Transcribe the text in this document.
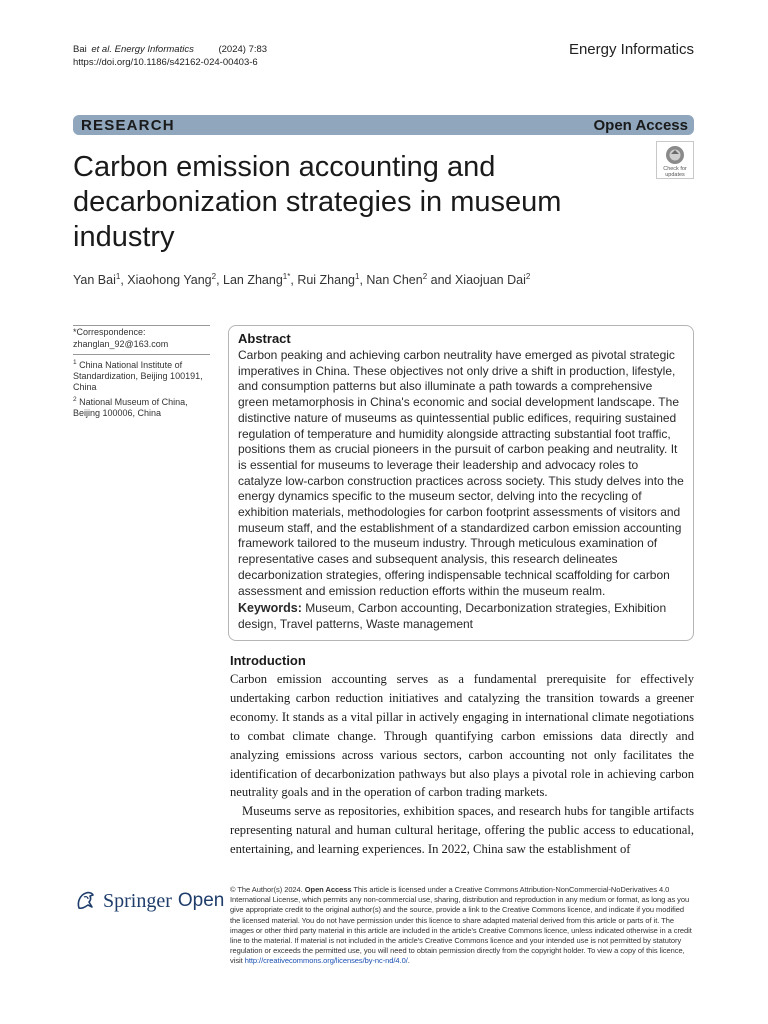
Bai et al. Energy Informatics	(2024) 7:83
https://doi.org/10.1186/s42162-024-00403-6
Energy Informatics
RESEARCH	Open Access
Carbon emission accounting and decarbonization strategies in museum industry
Check for
updates
Yan Bai$^1$, Xiaohong Yang$^2$, Lan Zhang$^{1*}$, Rui Zhang$^1$, Nan Chen$^2$ and Xiaojuan Dai$^2$
*Correspondence:
zhanglan_92@163.com
$^1$ China National Institute of Standardization, Beijing 100191, China
$^2$ National Museum of China, Beijing 100006, China
Abstract
Carbon peaking and achieving carbon neutrality have emerged as pivotal strategic imperatives in China. These objectives not only drive a shift in production, lifestyle, and consumption patterns but also illuminate a path towards a comprehensive green metamorphosis in China's economic and social development landscape. The distinctive nature of museums as quintessential public edifices, requiring sustained regulation of temperature and humidity alongside attracting substantial foot traffic, positions them as crucial pioneers in the pursuit of carbon peaking and neutrality. It is essential for museums to leverage their leadership and advocacy roles to catalyze low-carbon construction practices across society. This study delves into the energy dynamics specific to the museum sector, delving into the recycling of exhibition materials, methodologies for carbon footprint assessments of visitors and museum staff, and the establishment of a standardized carbon emission accounting framework tailored to the museum industry. Through meticulous examination of representative cases and subsequent analysis, this research delineates decarbonization strategies, offering indispensable technical scaffolding for carbon assessment and emission reduction efforts within the museum realm.
Keywords: Museum, Carbon accounting, Decarbonization strategies, Exhibition design, Travel patterns, Waste management
Introduction

Carbon emission accounting serves as a fundamental prerequisite for effectively undertaking carbon reduction initiatives and catalyzing the transition towards a greener economy. It stands as a vital pillar in actively engaging in international climate negotiations to combat climate change. Through quantifying carbon emissions data directly and analyzing emissions across various sectors, carbon accounting not only facilitates the identification of decarbonization pathways but also plays a pivotal role in achieving carbon neutrality goals and in the operation of carbon trading markets.

Museums serve as repositories, exhibition spaces, and research hubs for tangible artifacts representing natural and human cultural heritage, offering the public access to educational, entertaining, and learning experiences. In 2022, China saw the establishment of

Springer Open
© The Author(s) 2024. Open Access This article is licensed under a Creative Commons Attribution-NonCommercial-NoDerivatives 4.0 International License, which permits any non-commercial use, sharing, distribution and reproduction in any medium or format, as long as you give appropriate credit to the original author(s) and the source, provide a link to the Creative Commons licence, and indicate if you modified the licensed material. You do not have permission under this licence to share adapted material derived from this article or parts of it. The images or other third party material in this article are included in the article's Creative Commons licence, unless indicated otherwise in a credit line to the material. If material is not included in the article's Creative Commons licence and your intended use is not permitted by statutory regulation or exceeds the permitted use, you will need to obtain permission directly from the copyright holder. To view a copy of this licence, visit http://creativecommons.org/licenses/by-nc-nd/4.0/.
